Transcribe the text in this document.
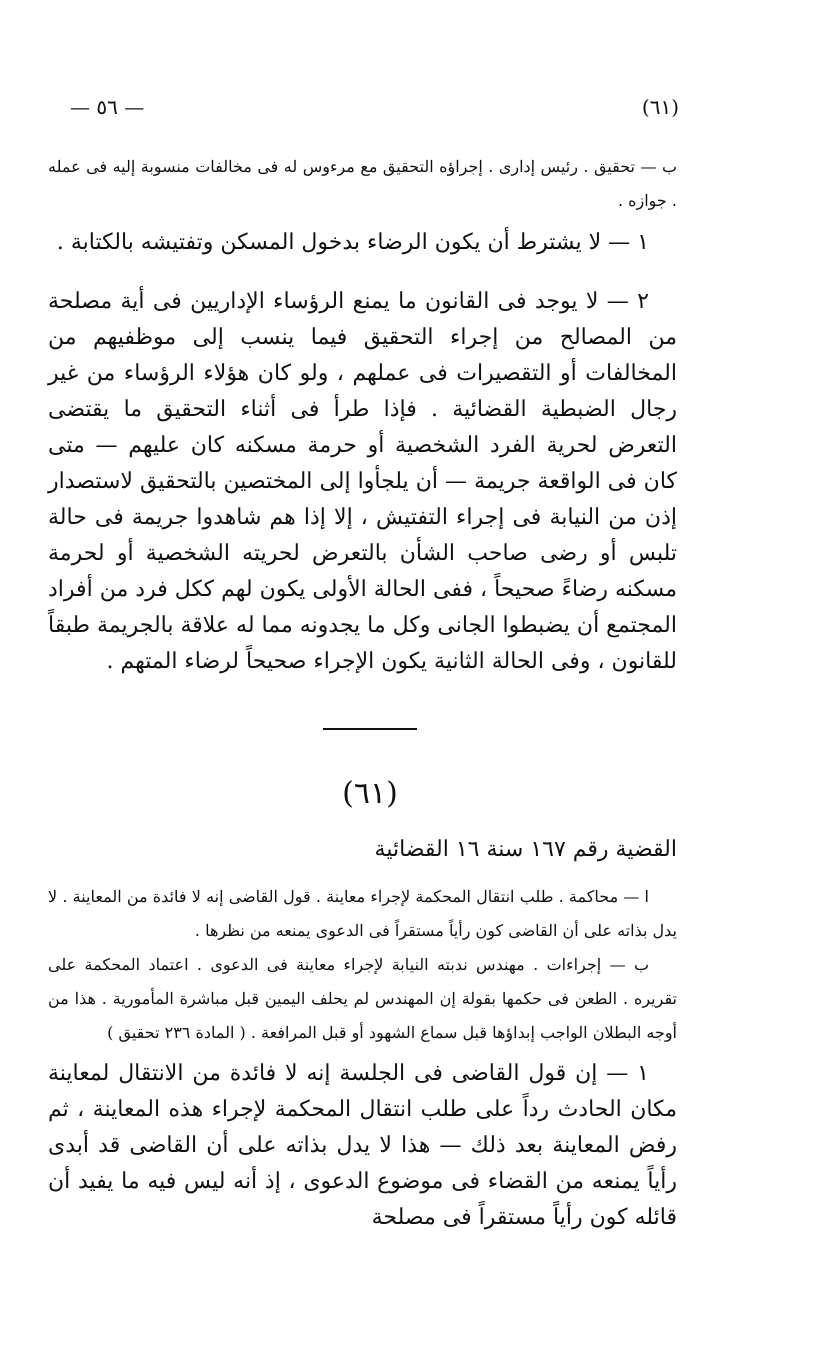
— ٥٦ —	(٦١)

ب — تحقيق . رئيس إدارى . إجراؤه التحقيق مع مرءوس له فى مخالفات منسوبة إليه فى عمله . جوازه .

١ — لا يشترط أن يكون الرضاء بدخول المسكن وتفتيشه بالكتابة .

٢ — لا يوجد فى القانون ما يمنع الرؤساء الإداريين فى أية مصلحة من المصالح من إجراء التحقيق فيما ينسب إلى موظفيهم من المخالفات أو التقصيرات فى عملهم ، ولو كان هؤلاء الرؤساء من غير رجال الضبطية القضائية . فإذا طرأ فى أثناء التحقيق ما يقتضى التعرض لحرية الفرد الشخصية أو حرمة مسكنه كان عليهم — متى كان فى الواقعة جريمة — أن يلجأوا إلى المختصين بالتحقيق لاستصدار إذن من النيابة فى إجراء التفتيش ، إلا إذا هم شاهدوا جريمة فى حالة تلبس أو رضى صاحب الشأن بالتعرض لحريته الشخصية أو لحرمة مسكنه رضاءً صحيحاً ، ففى الحالة الأولى يكون لهم ككل فرد من أفراد المجتمع أن يضبطوا الجانى وكل ما يجدونه مما له علاقة بالجريمة طبقاً للقانون ، وفى الحالة الثانية يكون الإجراء صحيحاً لرضاء المتهم .

(٦١)
القضية رقم ١٦٧ سنة ١٦ القضائية

ا — محاكمة . طلب انتقال المحكمة لإجراء معاينة . قول القاضى إنه لا فائدة من المعاينة . لا يدل بذاته على أن القاضى كون رأياً مستقراً فى الدعوى يمنعه من نظرها .

ب — إجراءات . مهندس ندبته النيابة لإجراء معاينة فى الدعوى . اعتماد المحكمة على تقريره . الطعن فى حكمها بقولة إن المهندس لم يحلف اليمين قبل مباشرة المأمورية . هذا من أوجه البطلان الواجب إبداؤها قبل سماع الشهود أو قبل المرافعة . ( المادة ٢٣٦ تحقيق )

١ — إن قول القاضى فى الجلسة إنه لا فائدة من الانتقال لمعاينة مكان الحادث رداً على طلب انتقال المحكمة لإجراء هذه المعاينة ، ثم رفض المعاينة بعد ذلك — هذا لا يدل بذاته على أن القاضى قد أبدى رأياً يمنعه من القضاء فى موضوع الدعوى ، إذ أنه ليس فيه ما يفيد أن قائله كون رأياً مستقراً فى مصلحة
